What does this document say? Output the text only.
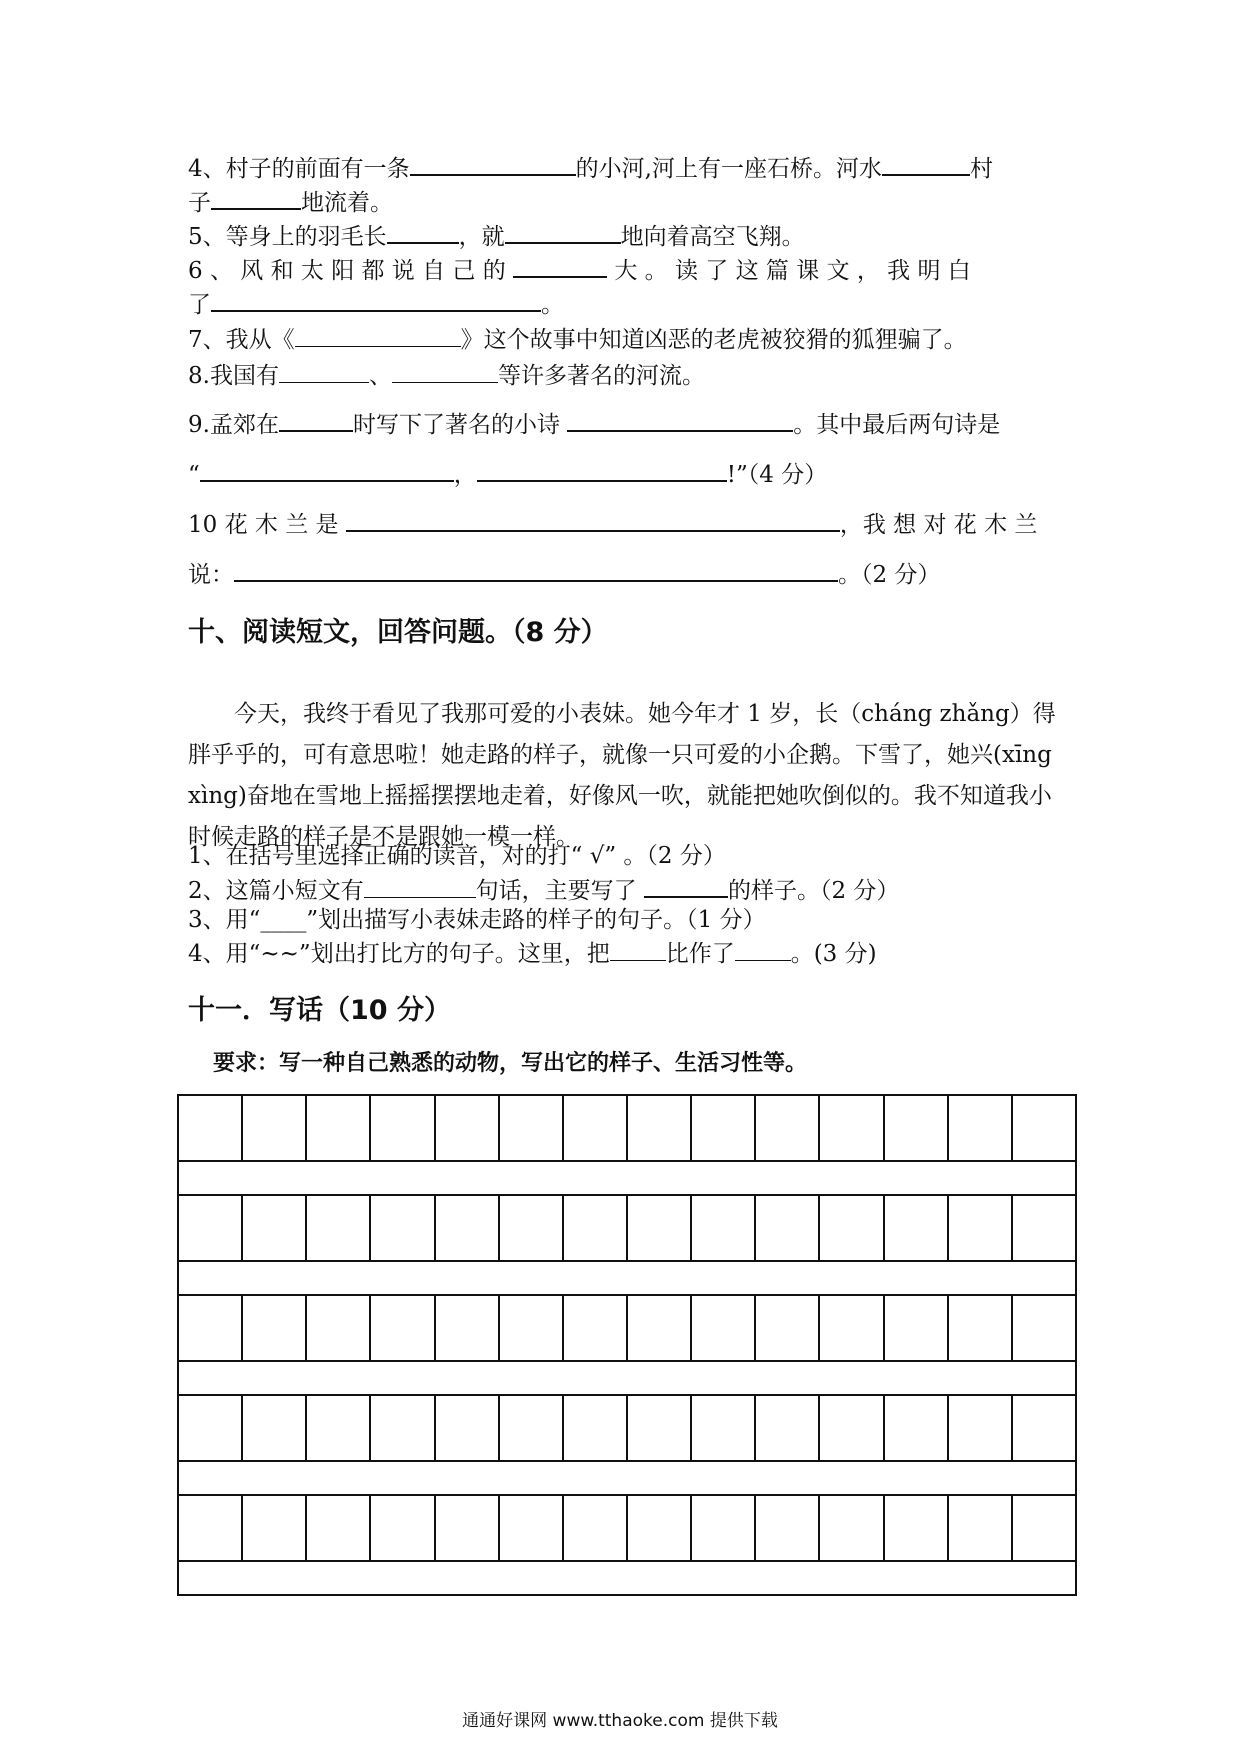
4、村子的前面有一条	的小河,河上有一座石桥。河水	村
子	地流着。
5、等身上的羽毛长	，就	地向着高空飞翔。
6 、 风 和 太 阳 都 说 自 己 的	大 。 读 了 这 篇 课 文 ， 我 明 白
了	。
7、我从《	》这个故事中知道凶恶的老虎被狡猾的狐狸骗了。
8.我国有	、	等许多著名的河流。
9.孟郊在	时写下了著名的小诗	。其中最后两句诗是
“	，	!”（4 分）
10 花 木 兰 是	，我 想 对 花 木 兰
说：	。（2 分）
十、阅读短文，回答问题。（8 分）
今天，我终于看见了我那可爱的小表妹。她今年才 1 岁，长（cháng zhǎng）得胖乎乎的，可有意思啦！她走路的样子，就像一只可爱的小企鹅。下雪了，她兴(xīng xìng)奋地在雪地上摇摇摆摆地走着，好像风一吹，就能把她吹倒似的。我不知道我小时候走路的样子是不是跟她一模一样。
1、在括号里选择正确的读音，对的打“ √” 。（2 分）
2、这篇小短文有	句话，主要写了	的样子。（2 分）
3、用“____”划出描写小表妹走路的样子的句子。（1 分）
4、用“~~”划出打比方的句子。这里，把 比作了 。(3 分)
十一．写话（10 分）
要求：写一种自己熟悉的动物，写出它的样子、生活习性等。
通通好课网 www.tthaoke.com 提供下载
